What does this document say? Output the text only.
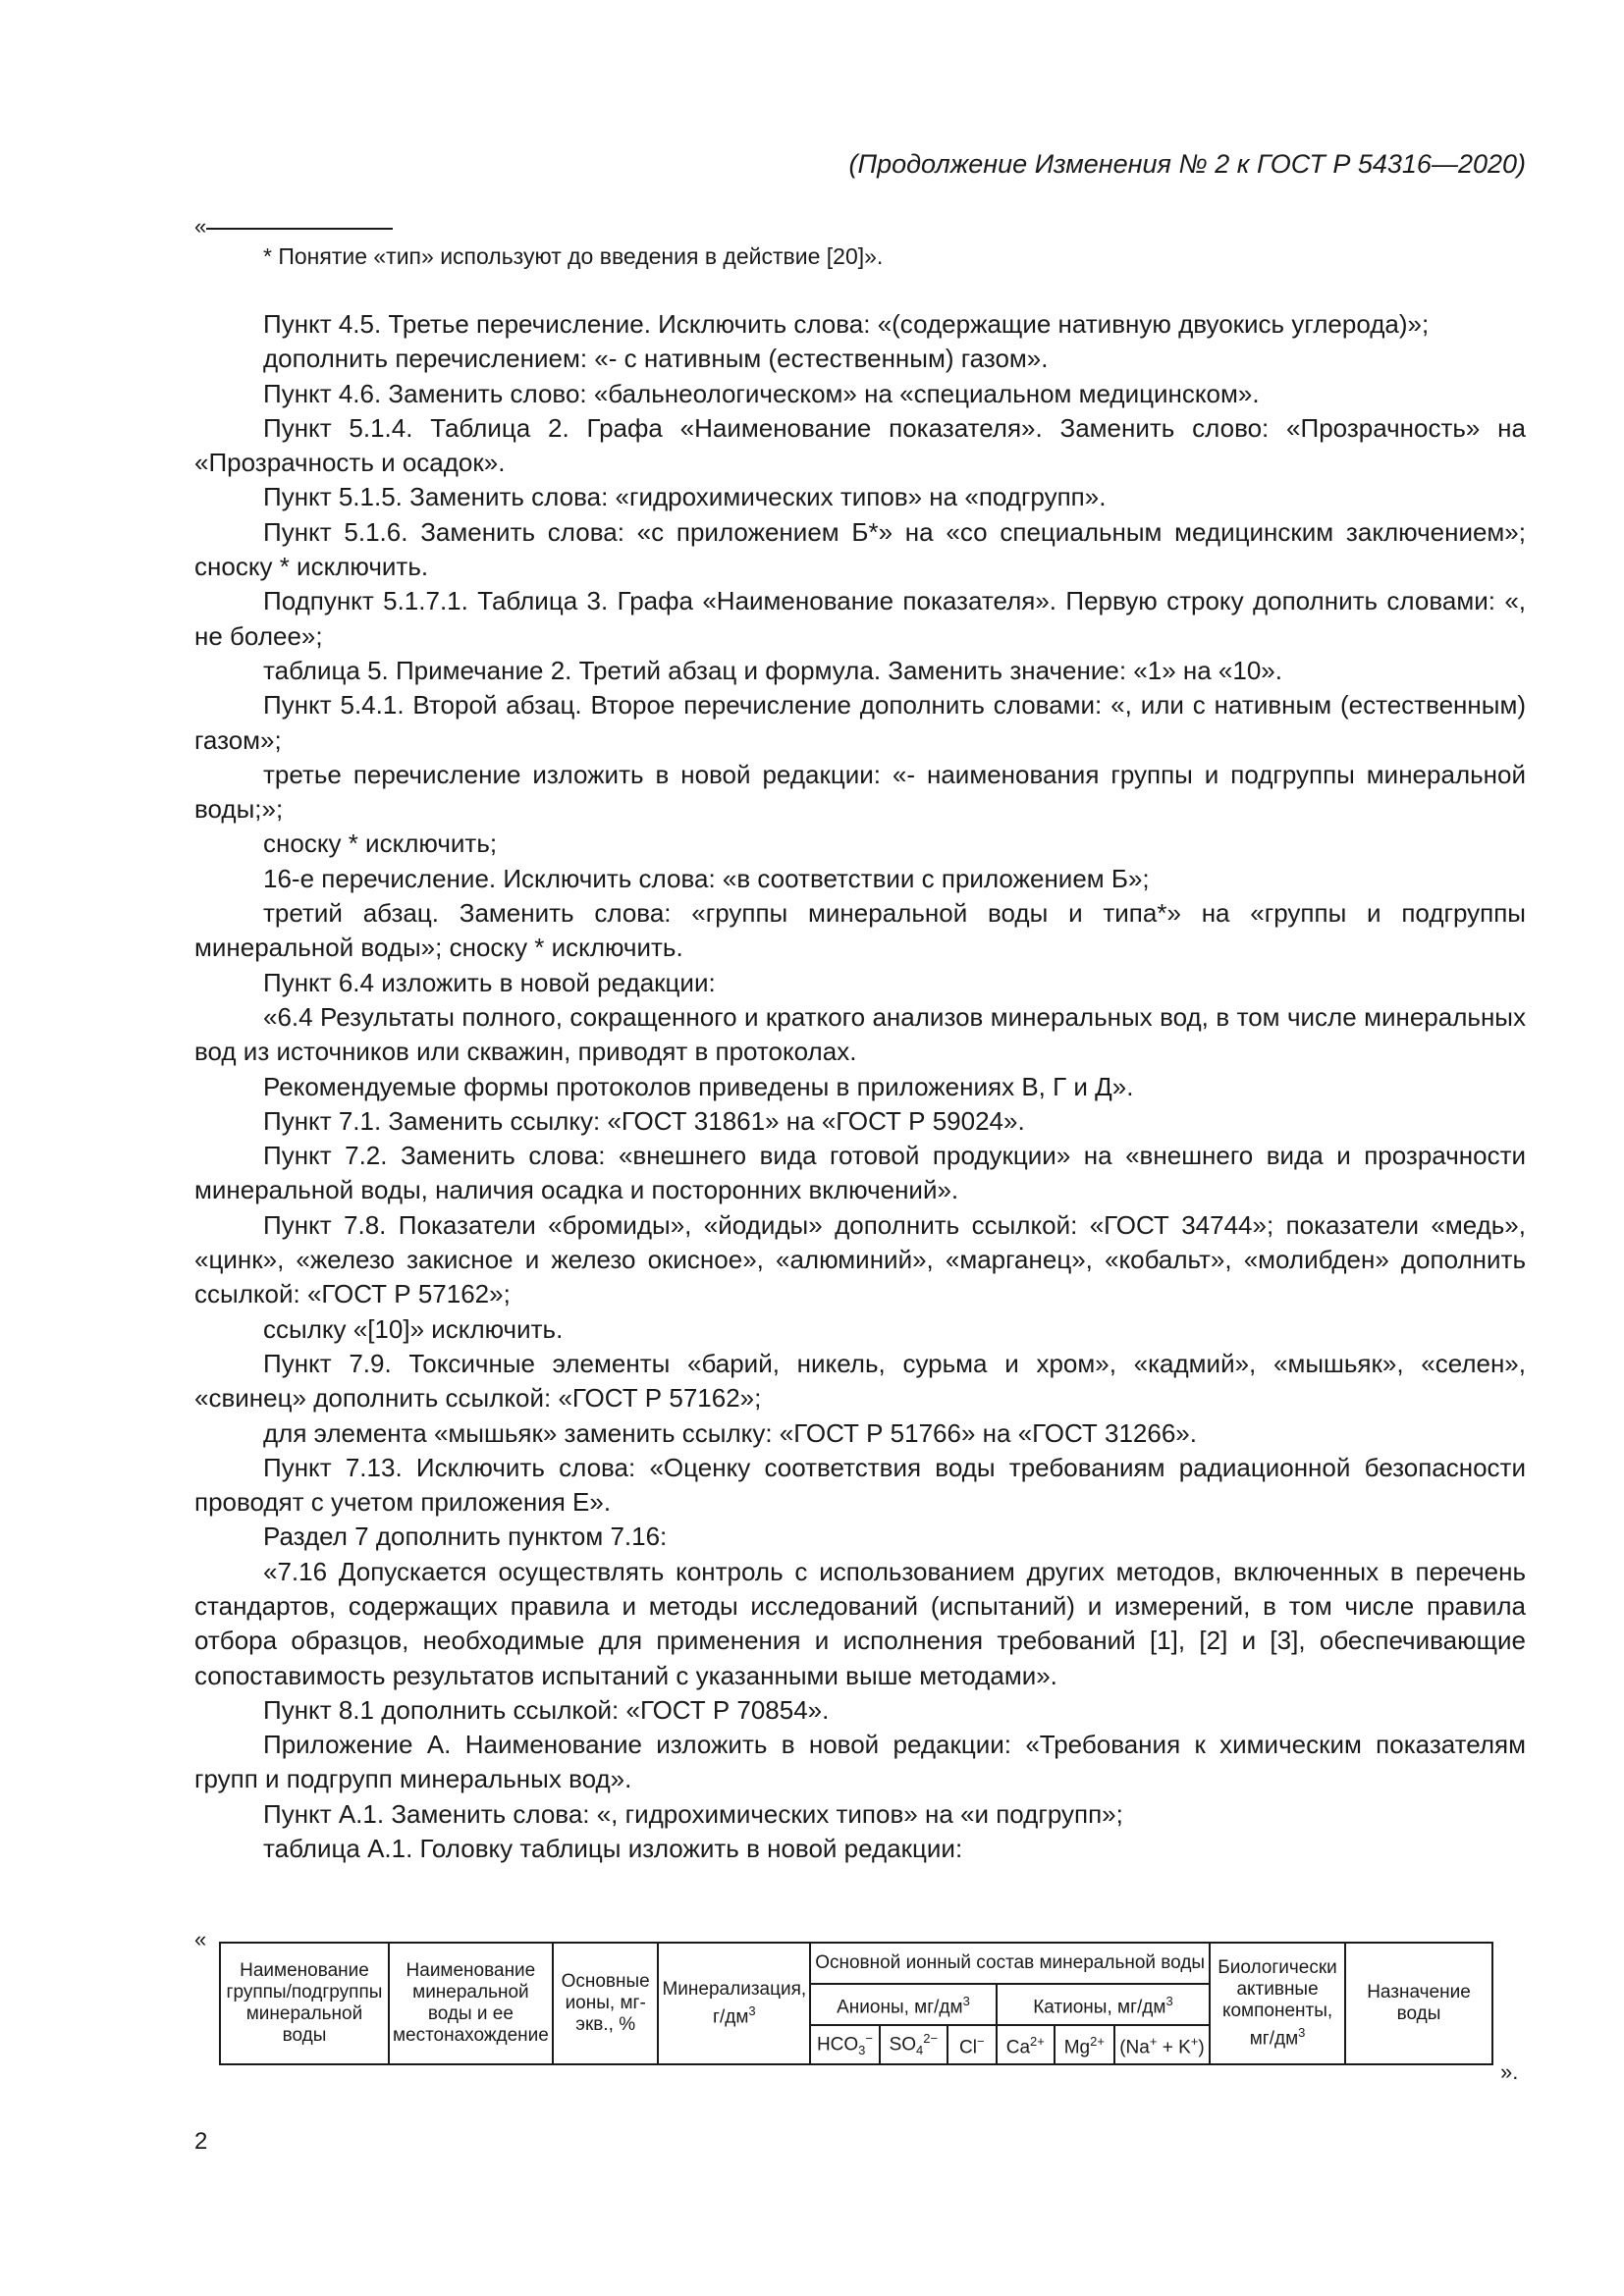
(Продолжение Изменения № 2 к ГОСТ Р 54316—2020)
«
* Понятие «тип» используют до введения в действие [20]».

Пункт 4.5. Третье перечисление. Исключить слова: «(содержащие нативную двуокись углерода)»;

дополнить перечислением: «- с нативным (естественным) газом».

Пункт 4.6. Заменить слово: «бальнеологическом» на «специальном медицинском».

Пункт 5.1.4. Таблица 2. Графа «Наименование показателя». Заменить слово: «Прозрачность» на «Прозрачность и осадок».

Пункт 5.1.5. Заменить слова: «гидрохимических типов» на «подгрупп».

Пункт 5.1.6. Заменить слова: «с приложением Б*» на «со специальным медицинским заключением»; сноску * исключить.

Подпункт 5.1.7.1. Таблица 3. Графа «Наименование показателя». Первую строку дополнить словами: «, не более»;

таблица 5. Примечание 2. Третий абзац и формула. Заменить значение: «1» на «10».

Пункт 5.4.1. Второй абзац. Второе перечисление дополнить словами: «, или с нативным (естественным) газом»;

третье перечисление изложить в новой редакции: «- наименования группы и подгруппы минеральной воды;»;

сноску * исключить;

16-е перечисление. Исключить слова: «в соответствии с приложением Б»;

третий абзац. Заменить слова: «группы минеральной воды и типа*» на «группы и подгруппы минеральной воды»; сноску * исключить.

Пункт 6.4 изложить в новой редакции:

«6.4 Результаты полного, сокращенного и краткого анализов минеральных вод, в том числе минеральных вод из источников или скважин, приводят в протоколах.

Рекомендуемые формы протоколов приведены в приложениях В, Г и Д».

Пункт 7.1. Заменить ссылку: «ГОСТ 31861» на «ГОСТ Р 59024».

Пункт 7.2. Заменить слова: «внешнего вида готовой продукции» на «внешнего вида и прозрачности минеральной воды, наличия осадка и посторонних включений».

Пункт 7.8. Показатели «бромиды», «йодиды» дополнить ссылкой: «ГОСТ 34744»; показатели «медь», «цинк», «железо закисное и железо окисное», «алюминий», «марганец», «кобальт», «молибден» дополнить ссылкой: «ГОСТ Р 57162»;

ссылку «[10]» исключить.

Пункт 7.9. Токсичные элементы «барий, никель, сурьма и хром», «кадмий», «мышьяк», «селен», «свинец» дополнить ссылкой: «ГОСТ Р 57162»;

для элемента «мышьяк» заменить ссылку: «ГОСТ Р 51766» на «ГОСТ 31266».

Пункт 7.13. Исключить слова: «Оценку соответствия воды требованиям радиационной безопасности проводят с учетом приложения Е».

Раздел 7 дополнить пунктом 7.16:

«7.16 Допускается осуществлять контроль с использованием других методов, включенных в перечень стандартов, содержащих правила и методы исследований (испытаний) и измерений, в том числе правила отбора образцов, необходимые для применения и исполнения требований [1], [2] и [3], обеспечивающие сопоставимость результатов испытаний с указанными выше методами».

Пункт 8.1 дополнить ссылкой: «ГОСТ Р 70854».

Приложение А. Наименование изложить в новой редакции: «Требования к химическим показателям групп и подгрупп минеральных вод».

Пункт А.1. Заменить слова: «, гидрохимических типов» на «и подгрупп»;

таблица А.1. Головку таблицы изложить в новой редакции:

«
Наименование группы/подгруппы минеральной воды	Наименование минеральной воды и ее местонахождение	Основные ионы, мг-экв., %	Минерализация, $г/дм^3$	Основной ионный состав минеральной воды						Биологически активные компоненты, $мг/дм^3$	Назначение воды
				Анионы, $мг/дм^3$			Катионы, $мг/дм^3$
				$HCO_3^-$	$SO_4^{2-}$	Cl−	$Ca^{2+}$	$Mg^{2+}$	(Na+ + K+)		
».
2
